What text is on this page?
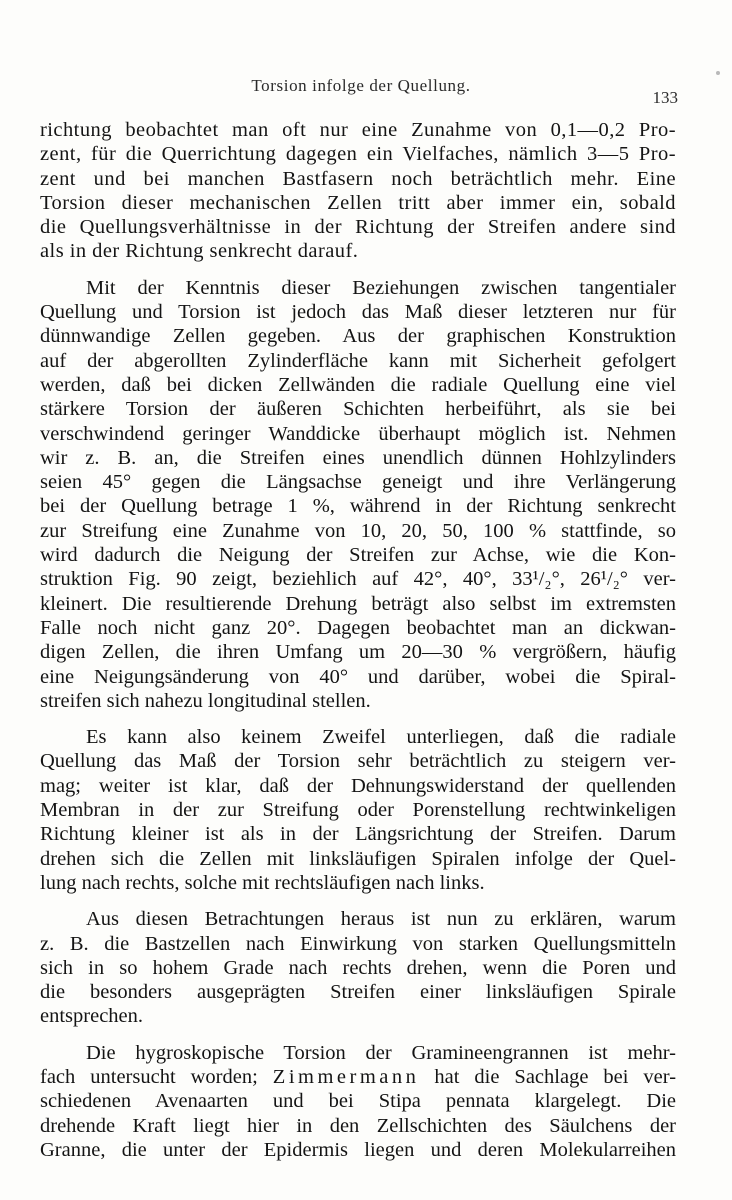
Torsion infolge der Quellung.
133

richtung beobachtet man oft nur eine Zunahme von 0,1—0,2 Pro-
zent, für die Querrichtung dagegen ein Vielfaches, nämlich 3—5 Pro-
zent und bei manchen Bastfasern noch beträchtlich mehr. Eine
Torsion dieser mechanischen Zellen tritt aber immer ein, sobald
die Quellungsverhältnisse in der Richtung der Streifen andere sind
als in der Richtung senkrecht darauf.

Mit der Kenntnis dieser Beziehungen zwischen tangentialer
Quellung und Torsion ist jedoch das Maß dieser letzteren nur für
dünnwandige Zellen gegeben. Aus der graphischen Konstruktion
auf der abgerollten Zylinderfläche kann mit Sicherheit gefolgert
werden, daß bei dicken Zellwänden die radiale Quellung eine viel
stärkere Torsion der äußeren Schichten herbeiführt, als sie bei
verschwindend geringer Wanddicke überhaupt möglich ist. Nehmen
wir z. B. an, die Streifen eines unendlich dünnen Hohlzylinders
seien 45° gegen die Längsachse geneigt und ihre Verlängerung
bei der Quellung betrage 1 %, während in der Richtung senkrecht
zur Streifung eine Zunahme von 10, 20, 50, 100 % stattfinde, so
wird dadurch die Neigung der Streifen zur Achse, wie die Kon-
struktion Fig. 90 zeigt, beziehlich auf 42°, 40°, 33¹/₂°, 26¹/₂° ver-
kleinert. Die resultierende Drehung beträgt also selbst im extremsten
Falle noch nicht ganz 20°. Dagegen beobachtet man an dickwan-
digen Zellen, die ihren Umfang um 20—30 % vergrößern, häufig
eine Neigungsänderung von 40° und darüber, wobei die Spiral-
streifen sich nahezu longitudinal stellen.

Es kann also keinem Zweifel unterliegen, daß die radiale
Quellung das Maß der Torsion sehr beträchtlich zu steigern ver-
mag; weiter ist klar, daß der Dehnungswiderstand der quellenden
Membran in der zur Streifung oder Porenstellung rechtwinkeligen
Richtung kleiner ist als in der Längsrichtung der Streifen. Darum
drehen sich die Zellen mit linksläufigen Spiralen infolge der Quel-
lung nach rechts, solche mit rechtsläufigen nach links.

Aus diesen Betrachtungen heraus ist nun zu erklären, warum
z. B. die Bastzellen nach Einwirkung von starken Quellungsmitteln
sich in so hohem Grade nach rechts drehen, wenn die Poren und
die besonders ausgeprägten Streifen einer linksläufigen Spirale
entsprechen.

Die hygroskopische Torsion der Gramineengrannen ist mehr-
fach untersucht worden; Zimmermann hat die Sachlage bei ver-
schiedenen Avenaarten und bei Stipa pennata klargelegt. Die
drehende Kraft liegt hier in den Zellschichten des Säulchens der
Granne, die unter der Epidermis liegen und deren Molekularreihen
